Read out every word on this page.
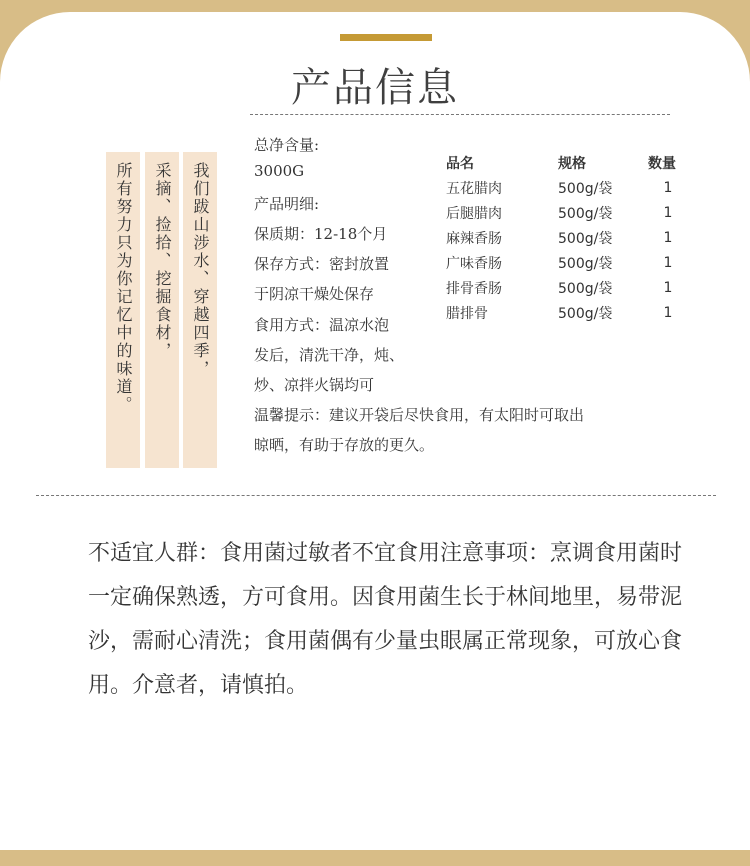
产品信息
所有努力只为你记忆中的味道。	采摘、捡拾、挖掘食材，	我们跋山涉水、穿越四季，
总净含量:
3000G
产品明细:
保质期：12-18个月
保存方式：密封放置
于阴凉干燥处保存
食用方式：温凉水泡
发后，清洗干净，炖、
炒、凉拌火锅均可
温馨提示：建议开袋后尽快食用，有太阳时可取出
晾晒，有助于存放的更久。
品名	规格	数量
五花腊肉	500g/袋	1
后腿腊肉	500g/袋	1
麻辣香肠	500g/袋	1
广味香肠	500g/袋	1
排骨香肠	500g/袋	1
腊排骨	500g/袋	1
不适宜人群：食用菌过敏者不宜食用注意事项：烹调食用菌时一定确保熟透，方可食用。因食用菌生长于林间地里，易带泥沙，需耐心清洗；食用菌偶有少量虫眼属正常现象，可放心食用。介意者，请慎拍。
